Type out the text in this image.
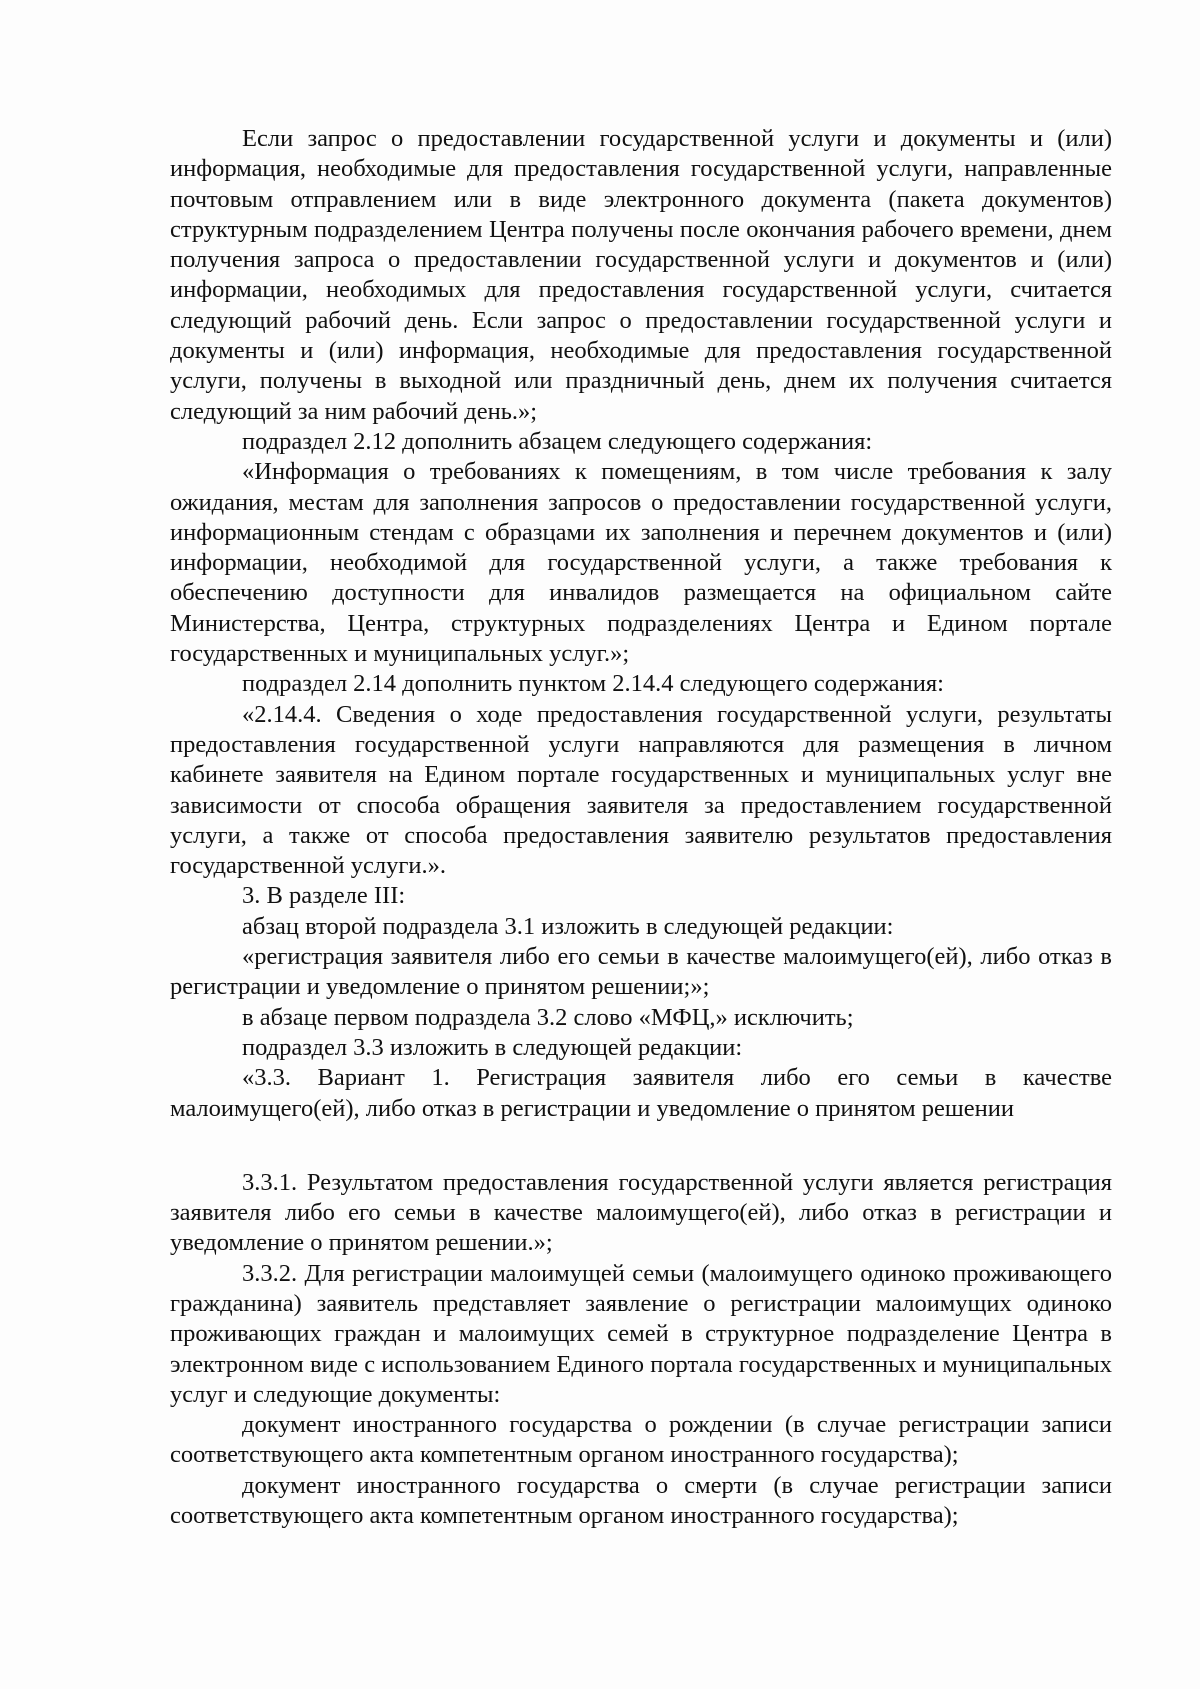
Если запрос о предоставлении государственной услуги и документы и (или) информация, необходимые для предоставления государственной услуги, направленные почтовым отправлением или в виде электронного документа (пакета документов) структурным подразделением Центра получены после окончания рабочего времени, днем получения запроса о предоставлении государственной услуги и документов и (или) информации, необходимых для предоставления государственной услуги, считается следующий рабочий день. Если запрос о предоставлении государственной услуги и документы и (или) информация, необходимые для предоставления государственной услуги, получены в выходной или праздничный день, днем их получения считается следующий за ним рабочий день.»;

подраздел 2.12 дополнить абзацем следующего содержания:

«Информация о требованиях к помещениям, в том числе требования к залу ожидания, местам для заполнения запросов о предоставлении государственной услуги, информационным стендам с образцами их заполнения и перечнем документов и (или) информации, необходимой для государственной услуги, а также требования к обеспечению доступности для инвалидов размещается на официальном сайте Министерства, Центра, структурных подразделениях Центра и Едином портале государственных и муниципальных услуг.»;

подраздел 2.14 дополнить пунктом 2.14.4 следующего содержания:

«2.14.4. Сведения о ходе предоставления государственной услуги, результаты предоставления государственной услуги направляются для размещения в личном кабинете заявителя на Едином портале государственных и муниципальных услуг вне зависимости от способа обращения заявителя за предоставлением государственной услуги, а также от способа предоставления заявителю результатов предоставления государственной услуги.».

3. В разделе III:

абзац второй подраздела 3.1 изложить в следующей редакции:

«регистрация заявителя либо его семьи в качестве малоимущего(ей), либо отказ в регистрации и уведомление о принятом решении;»;

в абзаце первом подраздела 3.2 слово «МФЦ,» исключить;

подраздел 3.3 изложить в следующей редакции:

«3.3. Вариант 1. Регистрация заявителя либо его семьи в качестве малоимущего(ей), либо отказ в регистрации и уведомление о принятом решении

3.3.1. Результатом предоставления государственной услуги является регистрация заявителя либо его семьи в качестве малоимущего(ей), либо отказ в регистрации и уведомление о принятом решении.»;

3.3.2. Для регистрации малоимущей семьи (малоимущего одиноко проживающего гражданина) заявитель представляет заявление о регистрации малоимущих одиноко проживающих граждан и малоимущих семей в структурное подразделение Центра в электронном виде с использованием Единого портала государственных и муниципальных услуг и следующие документы:

документ иностранного государства о рождении (в случае регистрации записи соответствующего акта компетентным органом иностранного государства);

документ иностранного государства о смерти (в случае регистрации записи соответствующего акта компетентным органом иностранного государства);
